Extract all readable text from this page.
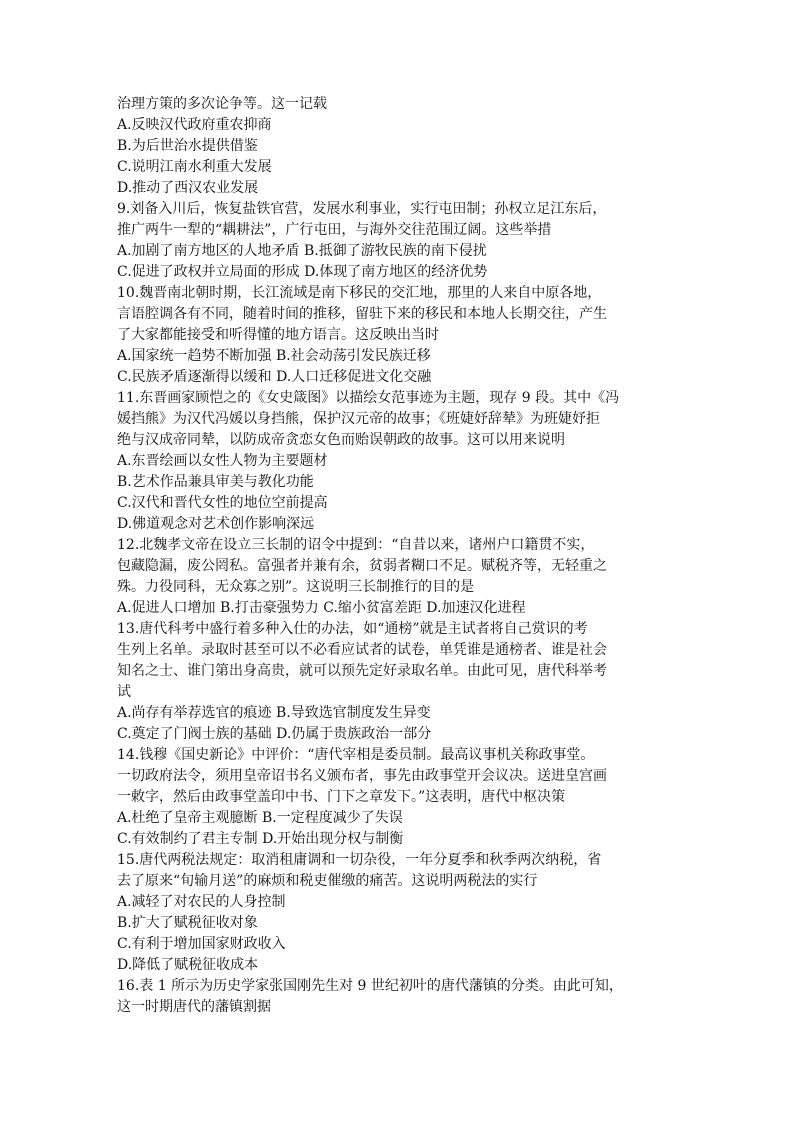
治理方策的多次论争等。这一记载
A.反映汉代政府重农抑商
B.为后世治水提供借鉴
C.说明江南水利重大发展
D.推动了西汉农业发展
9.刘备入川后，恢复盐铁官营，发展水利事业，实行屯田制；孙权立足江东后，
推广两牛一犁的“耦耕法”，广行屯田，与海外交往范围辽阔。这些举措
A.加剧了南方地区的人地矛盾 B.抵御了游牧民族的南下侵扰
C.促进了政权并立局面的形成 D.体现了南方地区的经济优势
10.魏晋南北朝时期，长江流域是南下移民的交汇地，那里的人来自中原各地，
言语腔调各有不同，随着时间的推移，留驻下来的移民和本地人长期交往，产生
了大家都能接受和听得懂的地方语言。这反映出当时
A.国家统一趋势不断加强 B.社会动荡引发民族迁移
C.民族矛盾逐渐得以缓和 D.人口迁移促进文化交融
11.东晋画家顾恺之的《女史箴图》以描绘女范事迹为主题，现存 9 段。其中《冯
媛挡熊》为汉代冯媛以身挡熊，保护汉元帝的故事；《班婕妤辞辇》为班婕妤拒
绝与汉成帝同辇，以防成帝贪恋女色而贻误朝政的故事。这可以用来说明
A.东晋绘画以女性人物为主要题材
B.艺术作品兼具审美与教化功能
C.汉代和晋代女性的地位空前提高
D.佛道观念对艺术创作影响深远
12.北魏孝文帝在设立三长制的诏令中提到：“自昔以来，诸州户口籍贯不实，
包藏隐漏，废公罔私。富强者并兼有余，贫弱者糊口不足。赋税齐等，无轻重之
殊。力役同科，无众寡之别”。这说明三长制推行的目的是
A.促进人口增加 B.打击豪强势力 C.缩小贫富差距 D.加速汉化进程
13.唐代科考中盛行着多种入仕的办法，如“通榜”就是主试者将自己赏识的考
生列上名单。录取时甚至可以不必看应试者的试卷，单凭谁是通榜者、谁是社会
知名之士、谁门第出身高贵，就可以预先定好录取名单。由此可见，唐代科举考
试
A.尚存有举荐选官的痕迹 B.导致选官制度发生异变
C.奠定了门阀士族的基础 D.仍属于贵族政治一部分
14.钱穆《国史新论》中评价：“唐代宰相是委员制。最高议事机关称政事堂。
一切政府法令，须用皇帝诏书名义颁布者，事先由政事堂开会议决。送进皇宫画
一敕字，然后由政事堂盖印中书、门下之章发下。”这表明，唐代中枢决策
A.杜绝了皇帝主观臆断 B.一定程度减少了失误
C.有效制约了君主专制 D.开始出现分权与制衡
15.唐代两税法规定：取消租庸调和一切杂役，一年分夏季和秋季两次纳税，省
去了原来“旬输月送”的麻烦和税吏催缴的痛苦。这说明两税法的实行
A.减轻了对农民的人身控制
B.扩大了赋税征收对象
C.有利于增加国家财政收入
D.降低了赋税征收成本
16.表 1 所示为历史学家张国刚先生对 9 世纪初叶的唐代藩镇的分类。由此可知，
这一时期唐代的藩镇割据
